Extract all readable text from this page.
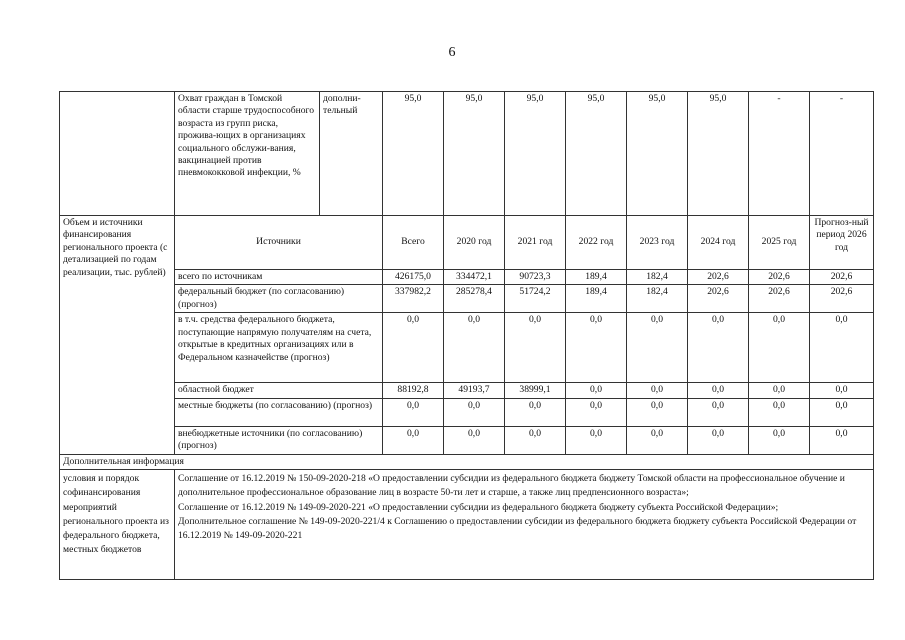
6
	Охват граждан в Томской области старше трудоспособного возраста из групп риска, прожива-ющих в организациях социального обслужи-вания, вакцинацией против пневмококковой инфекции, %	дополни-тельный	95,0	95,0	95,0	95,0	95,0	95,0	-	-
Объем и источники финансирования регионального проекта (с детализацией по годам реализации, тыс. рублей)	Источники		Всего	2020 год	2021 год	2022 год	2023 год	2024 год	2025 год	Прогноз-ный период 2026 год
	всего по источникам		426175,0	334472,1	90723,3	189,4	182,4	202,6	202,6	202,6
	федеральный бюджет (по согласованию) (прогноз)		337982,2	285278,4	51724,2	189,4	182,4	202,6	202,6	202,6
	в т.ч. средства федерального бюджета, поступающие напрямую получателям на счета, открытые в кредитных организациях или в Федеральном казначействе (прогноз)		0,0	0,0	0,0	0,0	0,0	0,0	0,0	0,0
	областной бюджет		88192,8	49193,7	38999,1	0,0	0,0	0,0	0,0	0,0
	местные бюджеты (по согласованию) (прогноз)		0,0	0,0	0,0	0,0	0,0	0,0	0,0	0,0
	внебюджетные источники (по согласованию) (прогноз)		0,0	0,0	0,0	0,0	0,0	0,0	0,0	0,0
Дополнительная информация										
условия и порядок софинансирования мероприятий регионального проекта из федерального бюджета, местных бюджетов	Соглашение от 16.12.2019 № 150-09-2020-218 «О предоставлении субсидии из федерального бюджета бюджету Томской области на профессиональное обучение и дополнительное профессиональное образование лиц в возрасте 50-ти лет и старше, а также лиц предпенсионного возраста»;
Соглашение от 16.12.2019 № 149-09-2020-221 «О предоставлении субсидии из федерального бюджета бюджету субъекта Российской Федерации»;
Дополнительное соглашение № 149-09-2020-221/4 к Соглашению о предоставлении субсидии из федерального бюджета бюджету субъекта Российской Федерации от 16.12.2019 № 149-09-2020-221									
